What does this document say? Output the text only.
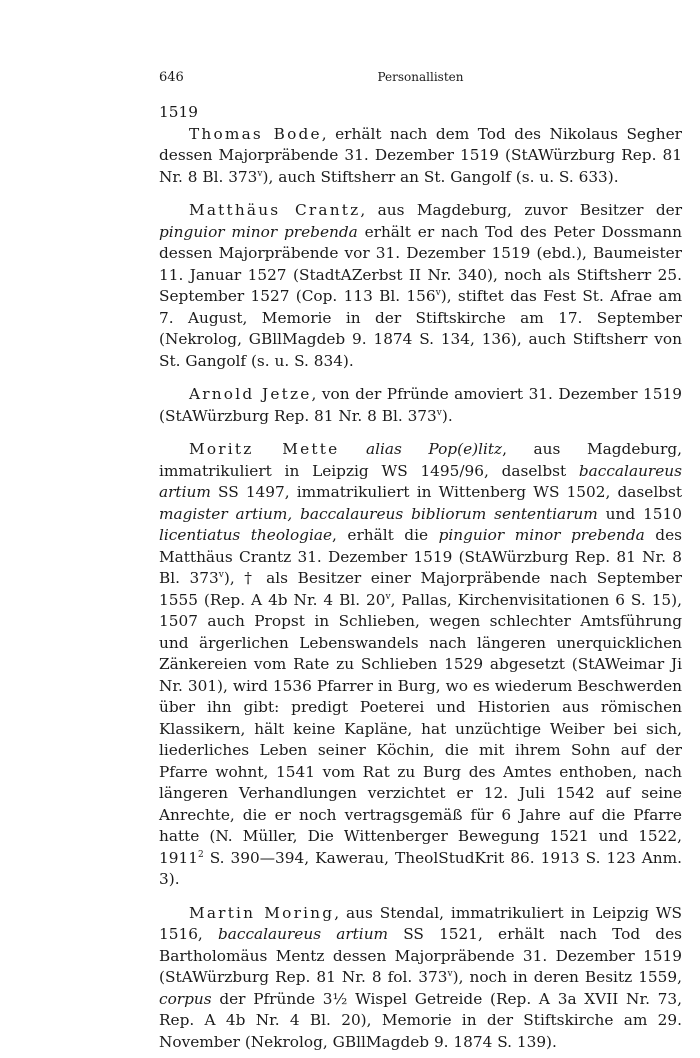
646	Personallisten

1519

Thomas Bode, erhält nach dem Tod des Nikolaus Segher dessen Majorpräbende 31. Dezember 1519 (StAWürzburg Rep. 81 Nr. 8 Bl. 373$^v$), auch Stiftsherr an St. Gangolf (s. u. S. 633).

Matthäus Crantz, aus Magdeburg, zuvor Besitzer der pinguior minor prebenda erhält er nach Tod des Peter Dossmann dessen Majorpräbende vor 31. Dezember 1519 (ebd.), Baumeister 11. Januar 1527 (StadtAZerbst II Nr. 340), noch als Stiftsherr 25. September 1527 (Cop. 113 Bl. 156$^v$), stiftet das Fest St. Afrae am 7. August, Memorie in der Stiftskirche am 17. September (Nekrolog, GBllMagdeb 9. 1874 S. 134, 136), auch Stiftsherr von St. Gangolf (s. u. S. 834).

Arnold Jetze, von der Pfründe amoviert 31. Dezember 1519 (StAWürzburg Rep. 81 Nr. 8 Bl. 373$^v$).

Moritz Mette alias Pop(e)litz, aus Magdeburg, immatrikuliert in Leipzig WS 1495/96, daselbst baccalaureus artium SS 1497, immatrikuliert in Wittenberg WS 1502, daselbst magister artium, baccalaureus bibliorum sententiarum und 1510 licentiatus theologiae, erhält die pinguior minor prebenda des Matthäus Crantz 31. Dezember 1519 (StAWürzburg Rep. 81 Nr. 8 Bl. 373$^v$), † als Besitzer einer Majorpräbende nach September 1555 (Rep. A 4b Nr. 4 Bl. 20$^v$, Pallas, Kirchenvisitationen 6 S. 15), 1507 auch Propst in Schlieben, wegen schlechter Amtsführung und ärgerlichen Lebenswandels nach längeren unerquicklichen Zänkereien vom Rate zu Schlieben 1529 abgesetzt (StAWeimar Ji Nr. 301), wird 1536 Pfarrer in Burg, wo es wiederum Beschwerden über ihn gibt: predigt Poeterei und Historien aus römischen Klassikern, hält keine Kapläne, hat unzüchtige Weiber bei sich, liederliches Leben seiner Köchin, die mit ihrem Sohn auf der Pfarre wohnt, 1541 vom Rat zu Burg des Amtes enthoben, nach längeren Verhandlungen verzichtet er 12. Juli 1542 auf seine Anrechte, die er noch vertragsgemäß für 6 Jahre auf die Pfarre hatte (N. Müller, Die Wittenberger Bewegung 1521 und 1522, 1911$^2$ S. 390—394, Kawerau, TheolStudKrit 86. 1913 S. 123 Anm. 3).

Martin Moring, aus Stendal, immatrikuliert in Leipzig WS 1516, baccalaureus artium SS 1521, erhält nach Tod des Bartholomäus Mentz dessen Majorpräbende 31. Dezember 1519 (StAWürzburg Rep. 81 Nr. 8 fol. 373$^v$), noch in deren Besitz 1559, corpus der Pfründe 3½ Wispel Getreide (Rep. A 3a XVII Nr. 73, Rep. A 4b Nr. 4 Bl. 20), Memorie in der Stiftskirche am 29. November (Nekrolog, GBllMagdeb 9. 1874 S. 139).
